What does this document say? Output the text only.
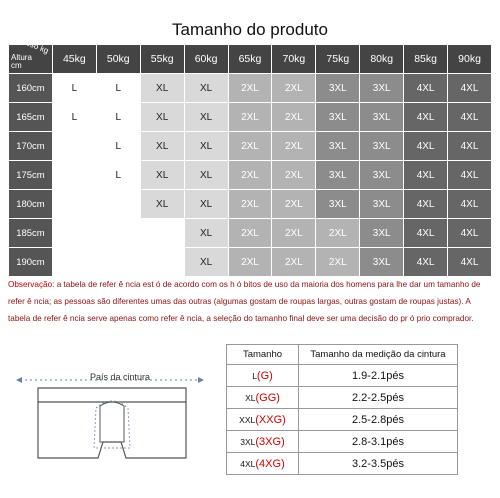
Tamanho do produto
Peso kg
Altura
cm	45kg	50kg	55kg	60kg	65kg	70kg	75kg	80kg	85kg	90kg
160cm	L	L	XL	XL	2XL	2XL	3XL	3XL	4XL	4XL
165cm	L	L	XL	XL	2XL	2XL	3XL	3XL	4XL	4XL
170cm		L	XL	XL	2XL	2XL	3XL	3XL	4XL	4XL
175cm		L	XL	XL	2XL	2XL	3XL	3XL	4XL	4XL
180cm			XL	XL	2XL	2XL	3XL	3XL	4XL	4XL
185cm				XL	2XL	2XL	2XL	3XL	4XL	4XL
190cm				XL	2XL	2XL	2XL	3XL	4XL	4XL
Observação: a tabela de refer ê ncia est ó de acordo com os h ó bitos de uso da maioria dos homens para lhe dar um tamanho de refer ê ncia; as pessoas são diferentes umas das outras (algumas gostam de roupas largas, outras gostam de roupas justas). A tabela de refer ê ncia serve apenas como refer ê ncia, a seleção do tamanho final deve ser uma decisão do pr ó prio comprador.
País da cintura
Tamanho	Tamanho da medição da cintura
L(G)	1.9-2.1pés
XL(GG)	2.2-2.5pés
XXL(XXG)	2.5-2.8pés
3XL(3XG)	2.8-3.1pés
4XL(4XG)	3.2-3.5pés
